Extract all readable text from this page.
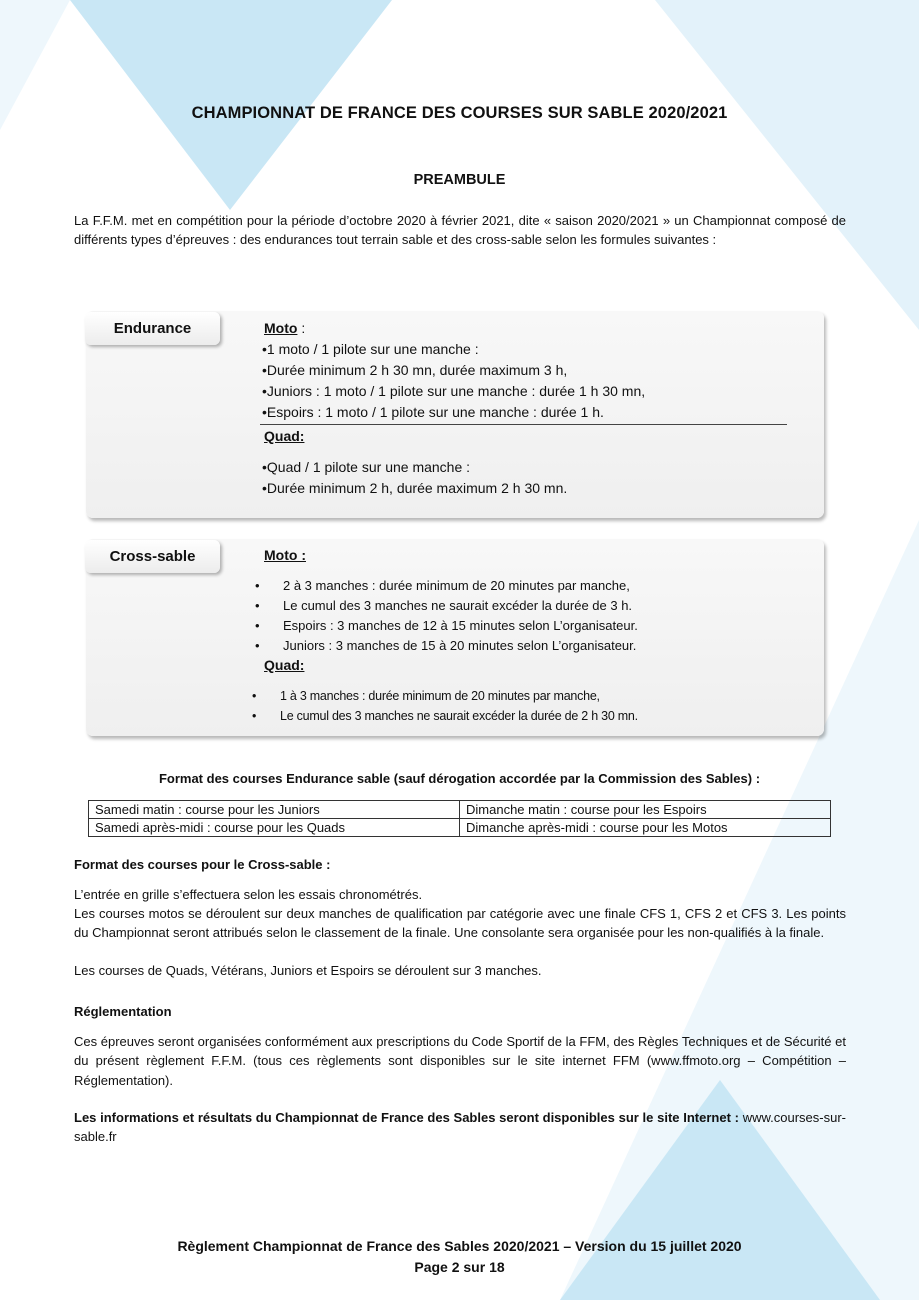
CHAMPIONNAT DE FRANCE DES COURSES SUR SABLE 2020/2021
PREAMBULE
La F.F.M. met en compétition pour la période d’octobre 2020 à février 2021, dite « saison 2020/2021 » un Championnat composé de différents types d’épreuves : des endurances tout terrain sable et des cross-sable selon les formules suivantes :
Endurance	Moto :
•1 moto / 1 pilote sur une manche :
•Durée minimum 2 h 30 mn, durée maximum 3 h,
•Juniors : 1 moto / 1 pilote sur une manche : durée 1 h 30 mn,
•Espoirs : 1 moto / 1 pilote sur une manche : durée 1 h.
Quad:
•Quad / 1 pilote sur une manche :
•Durée minimum 2 h, durée maximum 2 h 30 mn.
Cross-sable	Moto :
• 2 à 3 manches : durée minimum de 20 minutes par manche,
• Le cumul des 3 manches ne saurait excéder la durée de 3 h.
• Espoirs : 3 manches de 12 à 15 minutes selon L’organisateur.
• Juniors : 3 manches de 15 à 20 minutes selon L’organisateur.
Quad:
• 1 à 3 manches : durée minimum de 20 minutes par manche,
• Le cumul des 3 manches ne saurait excéder la durée de 2 h 30 mn.
Format des courses Endurance sable (sauf dérogation accordée par la Commission des Sables) :
Samedi matin : course pour les Juniors	Dimanche matin : course pour les Espoirs
Samedi après-midi : course pour les Quads	Dimanche après-midi : course pour les Motos
Format des courses pour le Cross-sable :
L’entrée en grille s’effectuera selon les essais chronométrés.
Les courses motos se déroulent sur deux manches de qualification par catégorie avec une finale CFS 1, CFS 2 et CFS 3. Les points du Championnat seront attribués selon le classement de la finale. Une consolante sera organisée pour les non-qualifiés à la finale.
Les courses de Quads, Vétérans, Juniors et Espoirs se déroulent sur 3 manches.
Réglementation
Ces épreuves seront organisées conformément aux prescriptions du Code Sportif de la FFM, des Règles Techniques et de Sécurité et du présent règlement F.F.M. (tous ces règlements sont disponibles sur le site internet FFM (www.ffmoto.org – Compétition – Réglementation).
Les informations et résultats du Championnat de France des Sables seront disponibles sur le site Internet : www.courses-sur-sable.fr
Règlement Championnat de France des Sables 2020/2021 – Version du 15 juillet 2020
Page 2 sur 18
